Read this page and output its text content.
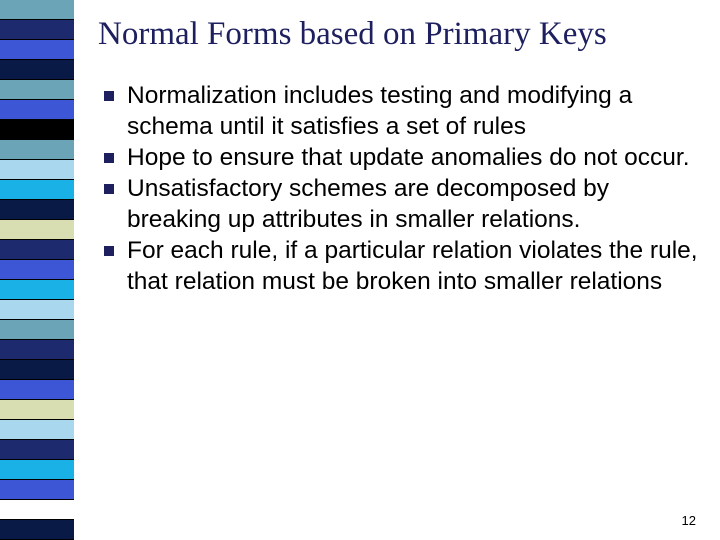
Normal Forms based on Primary Keys
Normalization includes testing and modifying a schema until it satisfies a set of rules
Hope to ensure that update anomalies do not occur.
Unsatisfactory schemes are decomposed by breaking up attributes in smaller relations.
For each rule, if a particular relation violates the rule, that relation must be broken into smaller relations
12
